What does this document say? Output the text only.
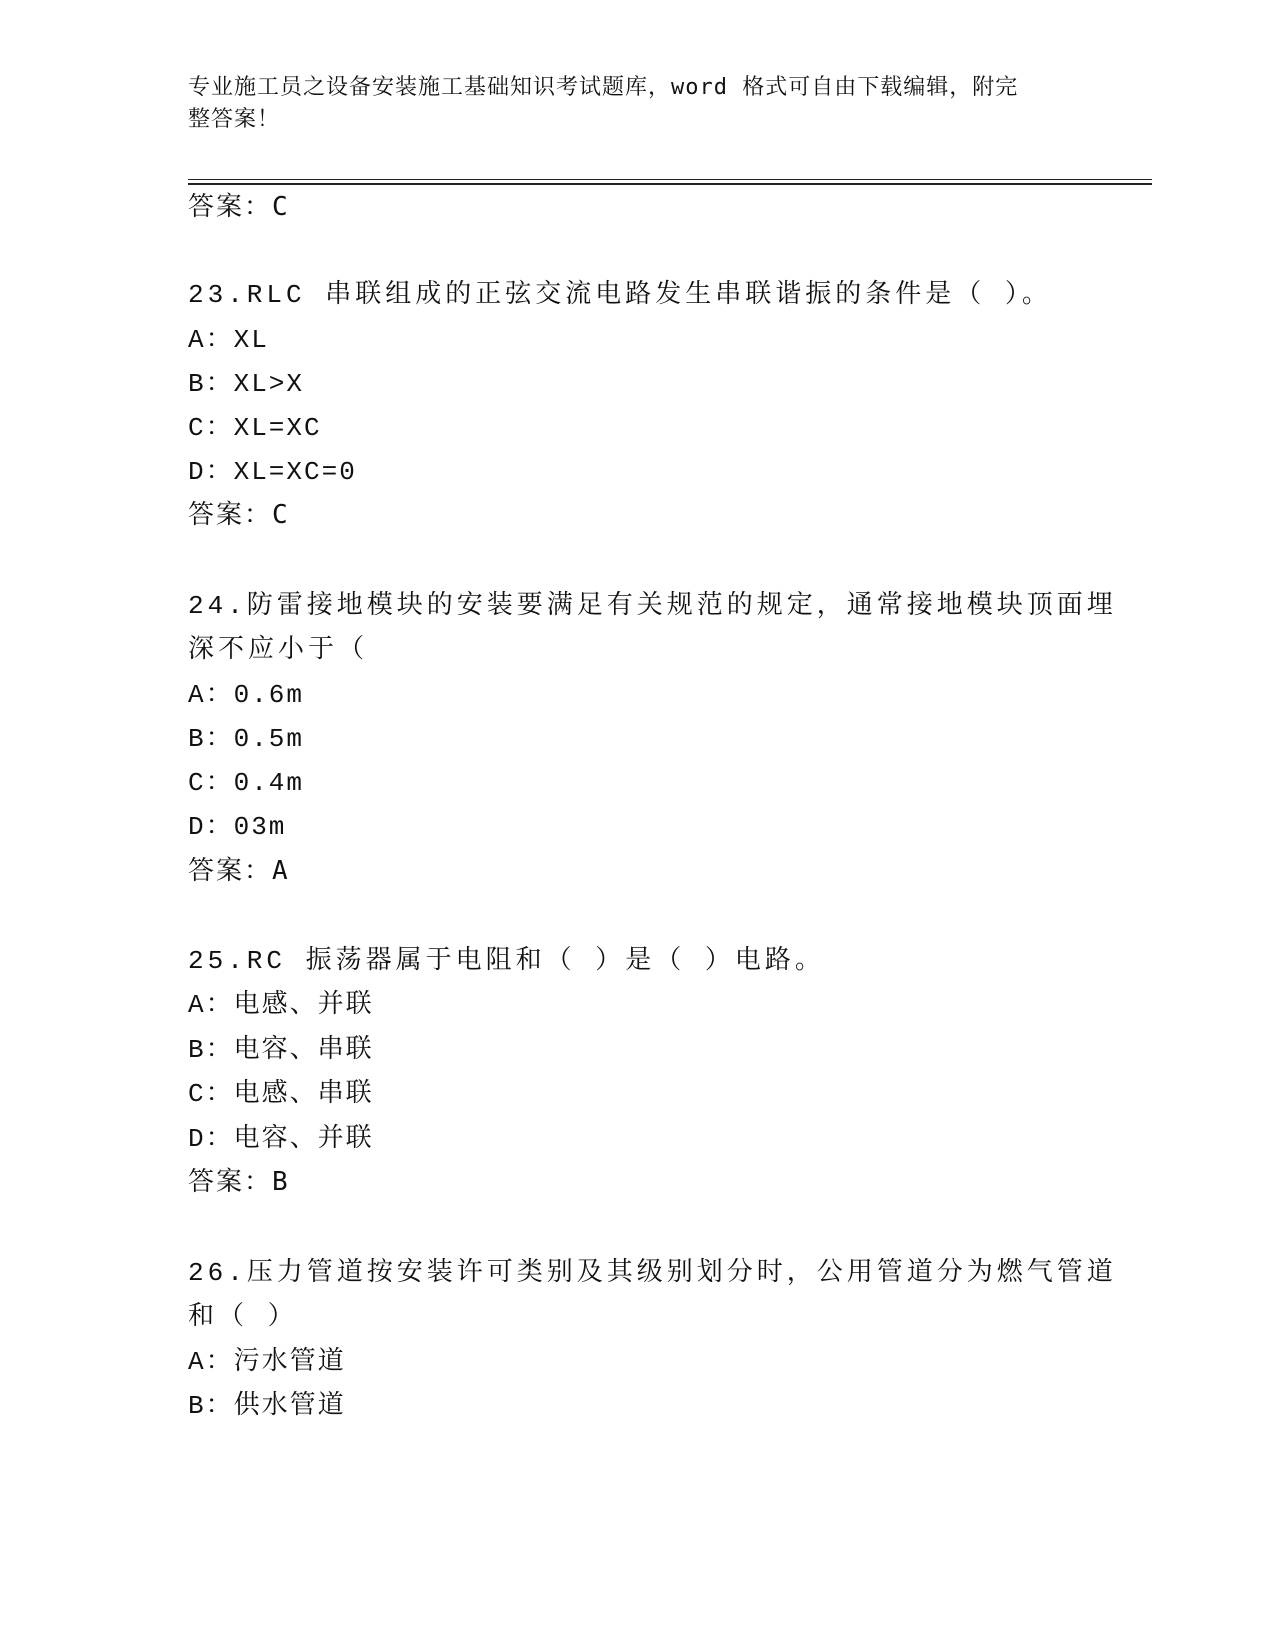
专业施工员之设备安装施工基础知识考试题库，word 格式可自由下载编辑，附完
整答案！
答案：C
23.RLC 串联组成的正弦交流电路发生串联谐振的条件是（ ）。
A：XL
B：XL>X
C：XL=XC
D：XL=XC=0
答案：C
24.防雷接地模块的安装要满足有关规范的规定，通常接地模块顶面埋
深不应小于（
A：0.6m
B：0.5m
C：0.4m
D：03m
答案：A
25.RC 振荡器属于电阻和（ ）是（ ）电路。
A：电感、并联
B：电容、串联
C：电感、串联
D：电容、并联
答案：B
26.压力管道按安装许可类别及其级别划分时，公用管道分为燃气管道
和（ ）
A：污水管道
B：供水管道
